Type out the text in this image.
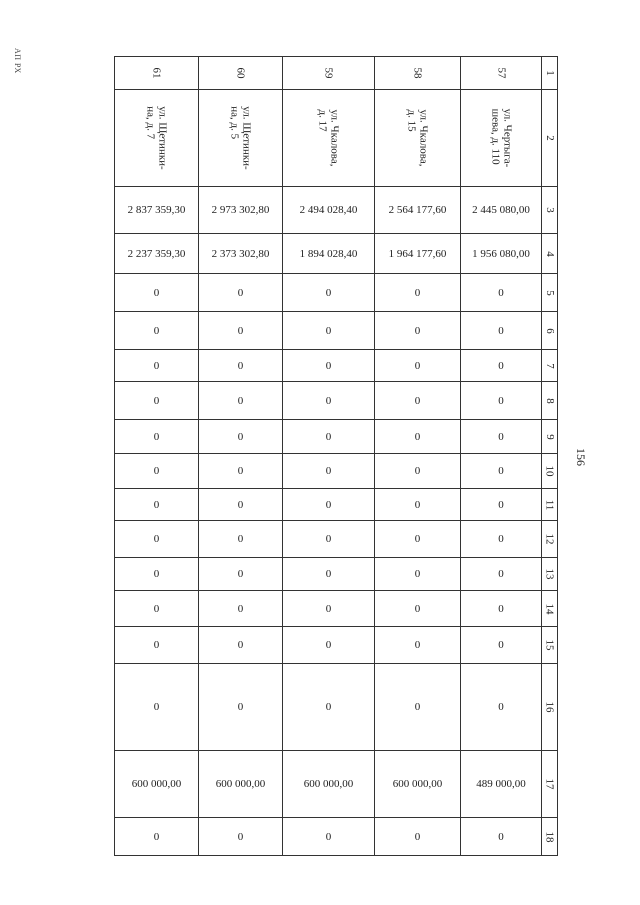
АП РХ
156
61	60	59	58	57	1
ул. Щетинки-
на, д. 7	ул. Щетинки-
на, д. 5	ул. Чкалова,
д. 17	ул. Чкалова,
д. 15	ул. Чертыга-
шева, д. 110	2
2 837 359,30	2 973 302,80	2 494 028,40	2 564 177,60	2 445 080,00	3
2 237 359,30	2 373 302,80	1 894 028,40	1 964 177,60	1 956 080,00	4
0	0	0	0	0	5
0	0	0	0	0	6
0	0	0	0	0	7
0	0	0	0	0	8
0	0	0	0	0	9
0	0	0	0	0	10
0	0	0	0	0	11
0	0	0	0	0	12
0	0	0	0	0	13
0	0	0	0	0	14
0	0	0	0	0	15
0	0	0	0	0	16
600 000,00	600 000,00	600 000,00	600 000,00	489 000,00	17
0	0	0	0	0	18
